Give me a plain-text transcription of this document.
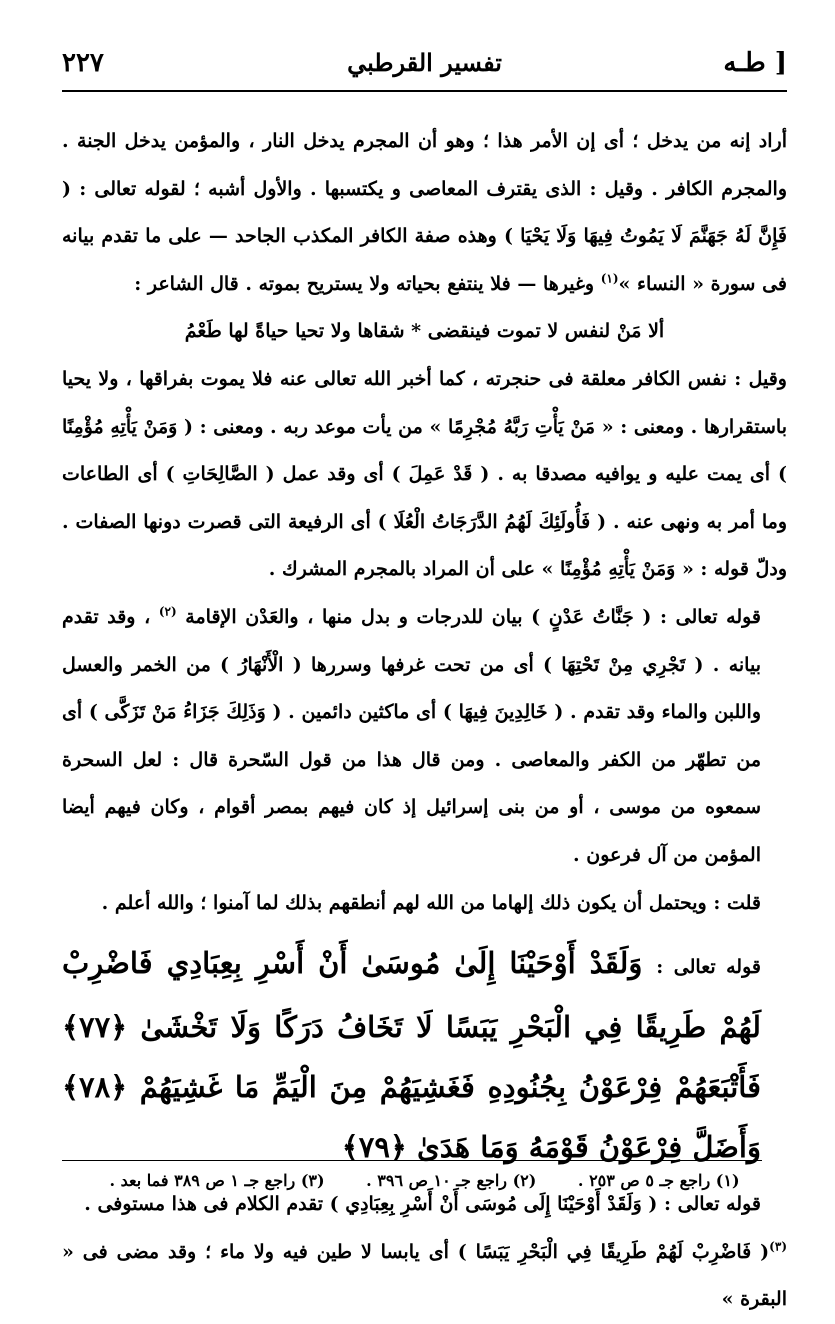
٢٢٧	تفسير القرطبي	طـه ]

أراد إنه من يدخل ؛ أى إن الأمر هذا ؛ وهو أن المجرم يدخل النار ، والمؤمن يدخل الجنة . والمجرم الكافر . وقيل : الذى يقترف المعاصى و يكتسبها . والأول أشبه ؛ لقوله تعالى : ( فَإِنَّ لَهُ جَهَنَّمَ لَا يَمُوتُ فِيهَا وَلَا يَحْيَا ) وهذه صفة الكافر المكذب الجاحد — على ما تقدم بيانه فى سورة « النساء »$^{(١)}$ وغيرها — فلا ينتفع بحياته ولا يستريح بموته . قال الشاعر :

ألا مَنْ لنفس لا تموت فينقضى * شقاها ولا تحيا حياةً لها طَعْمُ

وقيل : نفس الكافر معلقة فى حنجرته ، كما أخبر الله تعالى عنه فلا يموت بفراقها ، ولا يحيا باستقرارها . ومعنى : « مَنْ يَأْتِ رَبَّهُ مُجْرِمًا » من يأت موعد ربه . ومعنى : ( وَمَنْ يَأْتِهِ مُؤْمِنًا ) أى يمت عليه و يوافيه مصدقا به . ( قَدْ عَمِلَ ) أى وقد عمل ( الصَّالِحَاتِ ) أى الطاعات وما أمر به ونهى عنه . ( فَأُولَئِكَ لَهُمُ الدَّرَجَاتُ الْعُلَا ) أى الرفيعة التى قصرت دونها الصفات . ودلّ قوله : « وَمَنْ يَأْتِهِ مُؤْمِنًا » على أن المراد بالمجرم المشرك .

قوله تعالى : ( جَنَّاتُ عَدْنٍ ) بيان للدرجات و بدل منها ، والعَدْن الإقامة $^{(٢)}$ ، وقد تقدم بيانه . ( تَجْرِي مِنْ تَحْتِهَا ) أى من تحت غرفها وسررها ( الْأَنْهَارُ ) من الخمر والعسل واللبن والماء وقد تقدم . ( خَالِدِينَ فِيهَا ) أى ماكثين دائمين . ( وَذَلِكَ جَزَاءُ مَنْ تَزَكَّى ) أى من تطهّر من الكفر والمعاصى . ومن قال هذا من قول السّحرة قال : لعل السحرة سمعوه من موسى ، أو من بنى إسرائيل إذ كان فيهم بمصر أقوام ، وكان فيهم أيضا المؤمن من آل فرعون .

قلت : ويحتمل أن يكون ذلك إلهاما من الله لهم أنطقهم بذلك لما آمنوا ؛ والله أعلم .

قوله تعالى : وَلَقَدْ أَوْحَيْنَا إِلَىٰ مُوسَىٰ أَنْ أَسْرِ بِعِبَادِي فَاضْرِبْ لَهُمْ طَرِيقًا فِي الْبَحْرِ يَبَسًا لَا تَخَافُ دَرَكًا وَلَا تَخْشَىٰ ﴿٧٧﴾ فَأَتْبَعَهُمْ فِرْعَوْنُ بِجُنُودِهِ فَغَشِيَهُمْ مِنَ الْيَمِّ مَا غَشِيَهُمْ ﴿٧٨﴾ وَأَضَلَّ فِرْعَوْنُ قَوْمَهُ وَمَا هَدَىٰ ﴿٧٩﴾

قوله تعالى : ( وَلَقَدْ أَوْحَيْنَا إِلَى مُوسَى أَنْ أَسْرِ بِعِبَادِي ) تقدم الكلام فى هذا مستوفى .

$^{(٣)}$( فَاضْرِبْ لَهُمْ طَرِيقًا فِي الْبَحْرِ يَبَسًا ) أى يابسا لا طين فيه ولا ماء ؛ وقد مضى فى « البقرة »

(١) راجع جـ ٥ ص ٢٥٣ . (٢) راجع جـ ١٠ ص ٣٩٦ . (٣) راجع جـ ١ ص ٣٨٩ فما بعد .
